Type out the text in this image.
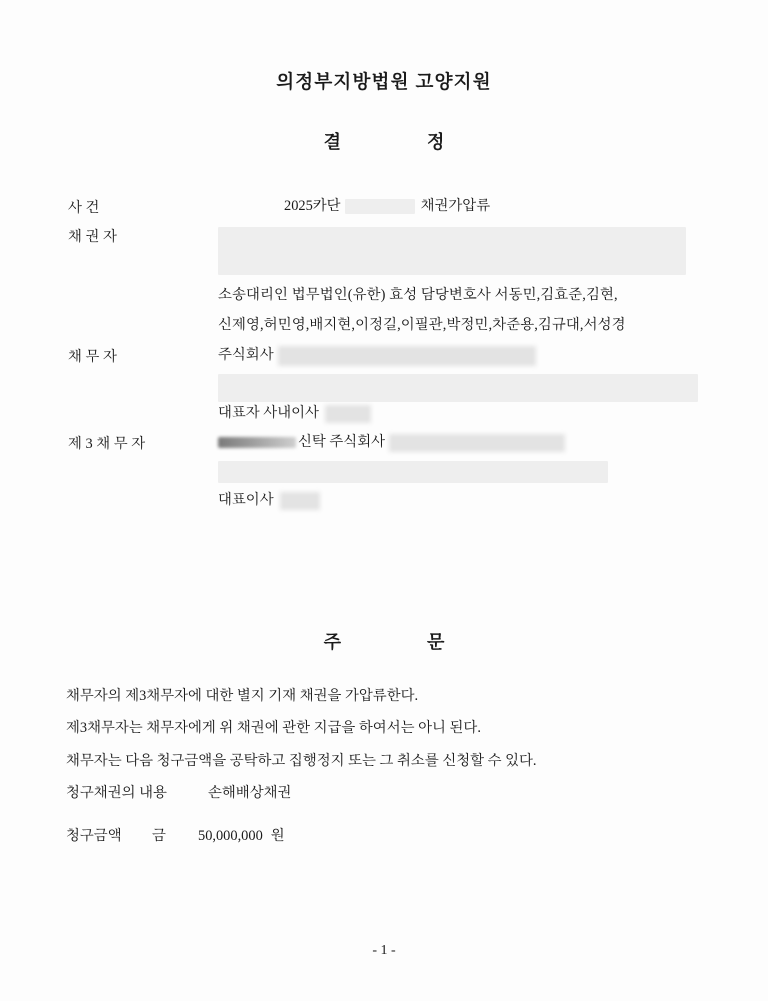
의정부지방법원 고양지원
결	정
사 건	2025카단	채권가압류
채 권 자
소송대리인 법무법인(유한) 효성 담당변호사 서동민,김효준,김현,
신제영,허민영,배지현,이정길,이필관,박정민,차준용,김규대,서성경
채 무 자	주식회사
대표자 사내이사
제 3 채 무 자	신탁 주식회사
대표이사
주	문

채무자의 제3채무자에 대한 별지 기재 채권을 가압류한다.

제3채무자는 채무자에게 위 채권에 관한 지급을 하여서는 아니 된다.

채무자는 다음 청구금액을 공탁하고 집행정지 또는 그 취소를 신청할 수 있다.

청구채권의 내용	손해배상채권
청구금액	금	50,000,000 원
- 1 -
